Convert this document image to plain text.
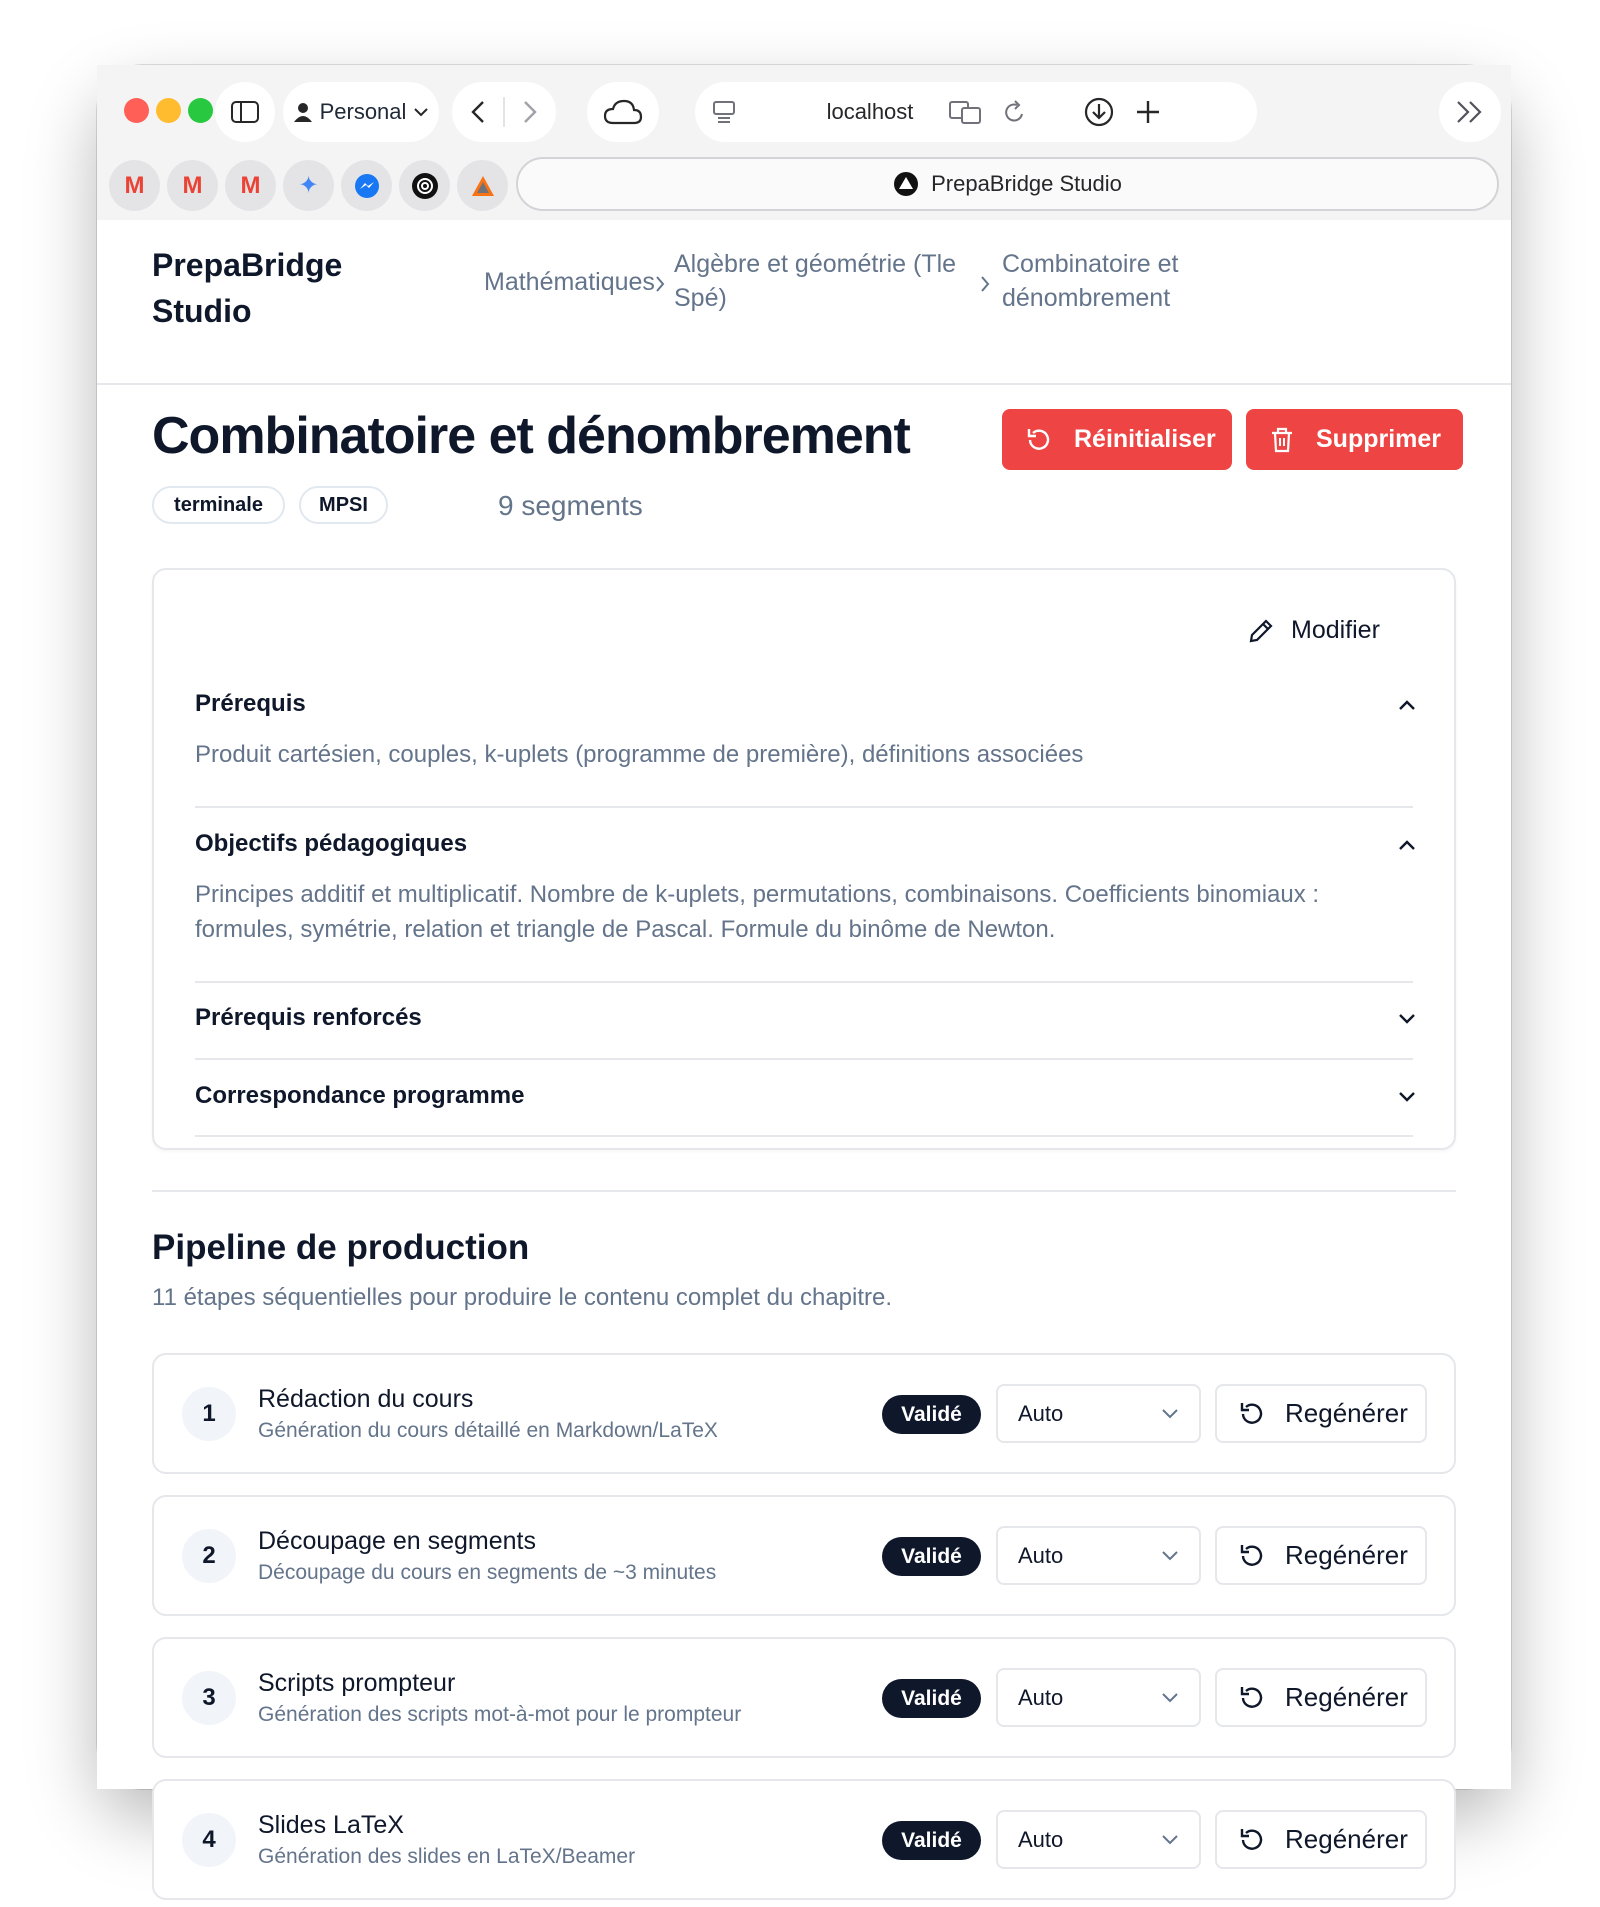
Personal	localhost
M M M ✦	PrepaBridge Studio
PrepaBridge Studio
Mathématiques
Algèbre et géométrie (Tle Spé)
Combinatoire et dénombrement
Combinatoire et dénombrement	Réinitialiser	Supprimer
terminale	MPSI	9 segments
Modifier
Prérequis
Produit cartésien, couples, k-uplets (programme de première), définitions associées
Objectifs pédagogiques
Principes additif et multiplicatif. Nombre de k-uplets, permutations, combinaisons. Coefficients binomiaux : formules, symétrie, relation et triangle de Pascal. Formule du binôme de Newton.
Prérequis renforcés
Correspondance programme
Pipeline de production
11 étapes séquentielles pour produire le contenu complet du chapitre.
1
Rédaction du cours
Génération du cours détaillé en Markdown/LaTeX
Validé	Auto	Regénérer
2
Découpage en segments
Découpage du cours en segments de ~3 minutes
Validé	Auto	Regénérer
3
Scripts prompteur
Génération des scripts mot-à-mot pour le prompteur
Validé	Auto	Regénérer
4
Slides LaTeX
Génération des slides en LaTeX/Beamer
Validé	Auto	Regénérer
